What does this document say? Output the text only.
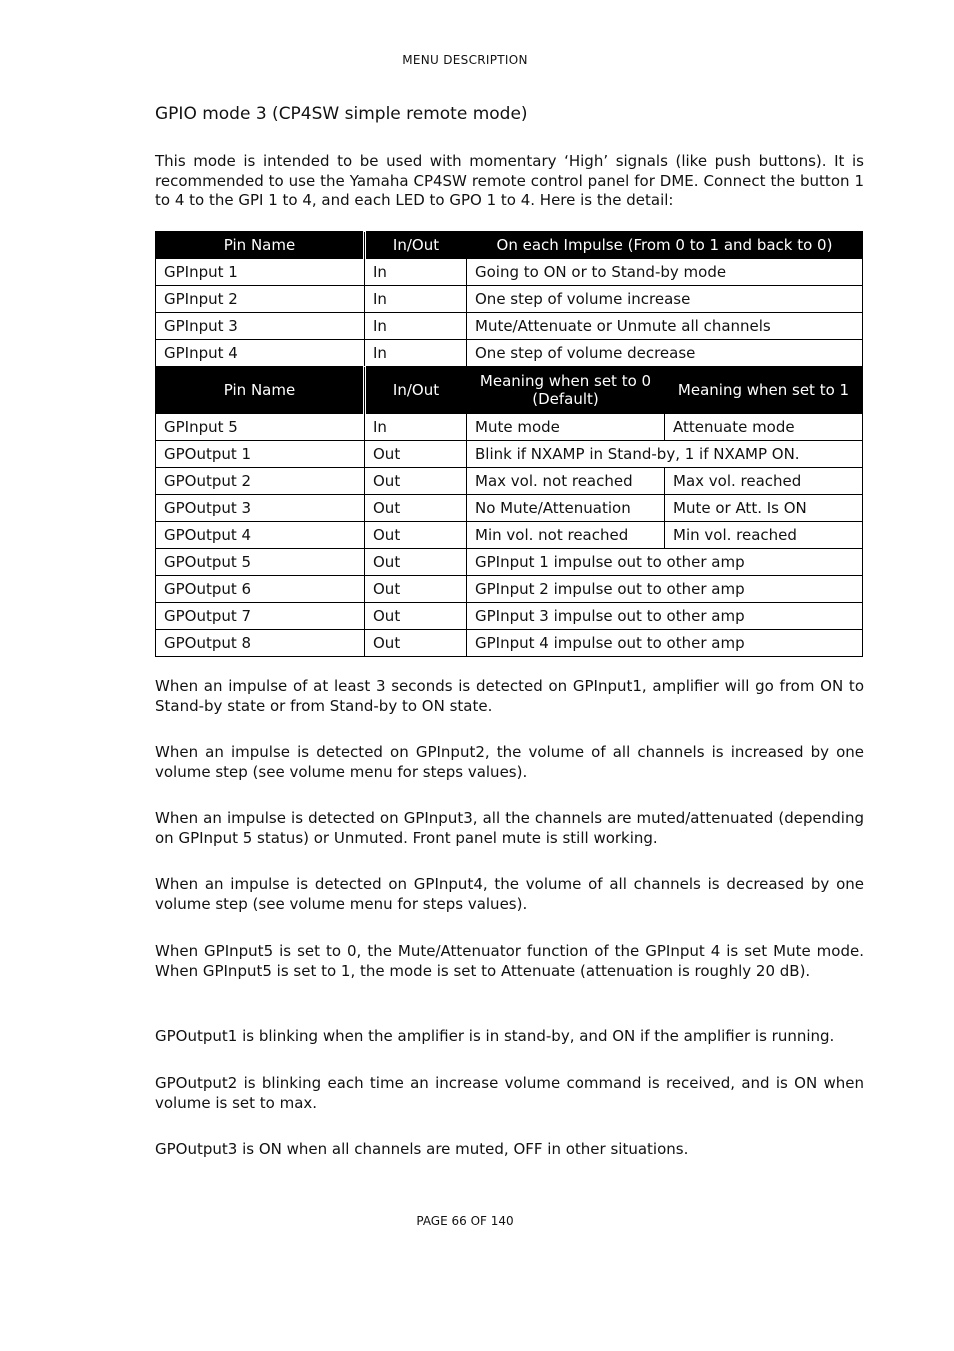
MENU DESCRIPTION
GPIO mode 3 (CP4SW simple remote mode)

This mode is intended to be used with momentary ‘High’ signals (like push buttons). It is recommended to use the Yamaha CP4SW remote control panel for DME. Connect the button 1 to 4 to the GPI 1 to 4, and each LED to GPO 1 to 4. Here is the detail:

Pin Name	In/Out	On each Impulse (From 0 to 1 and back to 0)	
GPInput 1	In	Going to ON or to Stand-by mode	
GPInput 2	In	One step of volume increase	
GPInput 3	In	Mute/Attenuate or Unmute all channels	
GPInput 4	In	One step of volume decrease	
Pin Name	In/Out	Meaning when set to 0 (Default)	Meaning when set to 1
GPInput 5	In	Mute mode	Attenuate mode
GPOutput 1	Out	Blink if NXAMP in Stand-by, 1 if NXAMP ON.	
GPOutput 2	Out	Max vol. not reached	Max vol. reached
GPOutput 3	Out	No Mute/Attenuation	Mute or Att. Is ON
GPOutput 4	Out	Min vol. not reached	Min vol. reached
GPOutput 5	Out	GPInput 1 impulse out to other amp	
GPOutput 6	Out	GPInput 2 impulse out to other amp	
GPOutput 7	Out	GPInput 3 impulse out to other amp	
GPOutput 8	Out	GPInput 4 impulse out to other amp	

When an impulse of at least 3 seconds is detected on GPInput1, amplifier will go from ON to Stand-by state or from Stand-by to ON state.

When an impulse is detected on GPInput2, the volume of all channels is increased by one volume step (see volume menu for steps values).

When an impulse is detected on GPInput3, all the channels are muted/attenuated (depending on GPInput 5 status) or Unmuted. Front panel mute is still working.

When an impulse is detected on GPInput4, the volume of all channels is decreased by one volume step (see volume menu for steps values).

When GPInput5 is set to 0, the Mute/Attenuator function of the GPInput 4 is set Mute mode. When GPInput5 is set to 1, the mode is set to Attenuate (attenuation is roughly 20 dB).

GPOutput1 is blinking when the amplifier is in stand-by, and ON if the amplifier is running.

GPOutput2 is blinking each time an increase volume command is received, and is ON when volume is set to max.

GPOutput3 is ON when all channels are muted, OFF in other situations.

PAGE 66 OF 140
